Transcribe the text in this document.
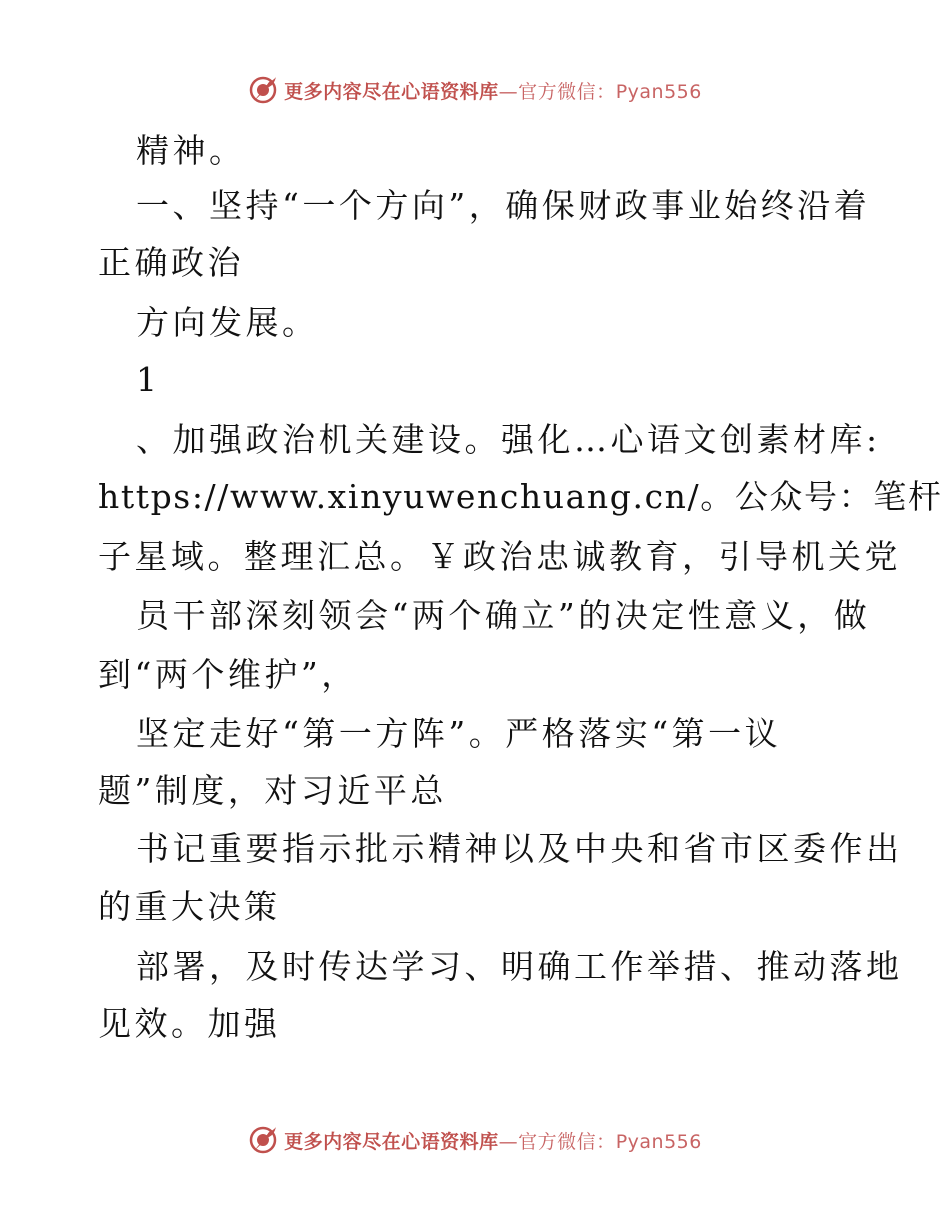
更多内容尽在心语资料库—官方微信：Pyan556
精神。
一、坚持“一个方向”，确保财政事业始终沿着
正确政治
方向发展。
1
、加强政治机关建设。强化…心语文创素材库:
https://www.xinyuwenchuang.cn/。公众号：笔杆
子星域。整理汇总。￥政治忠诚教育，引导机关党
员干部深刻领会“两个确立”的决定性意义，做
到“两个维护”，
坚定走好“第一方阵”。严格落实“第一议
题”制度，对习近平总
书记重要指示批示精神以及中央和省市区委作出
的重大决策
部署，及时传达学习、明确工作举措、推动落地
见效。加强
更多内容尽在心语资料库—官方微信：Pyan556
